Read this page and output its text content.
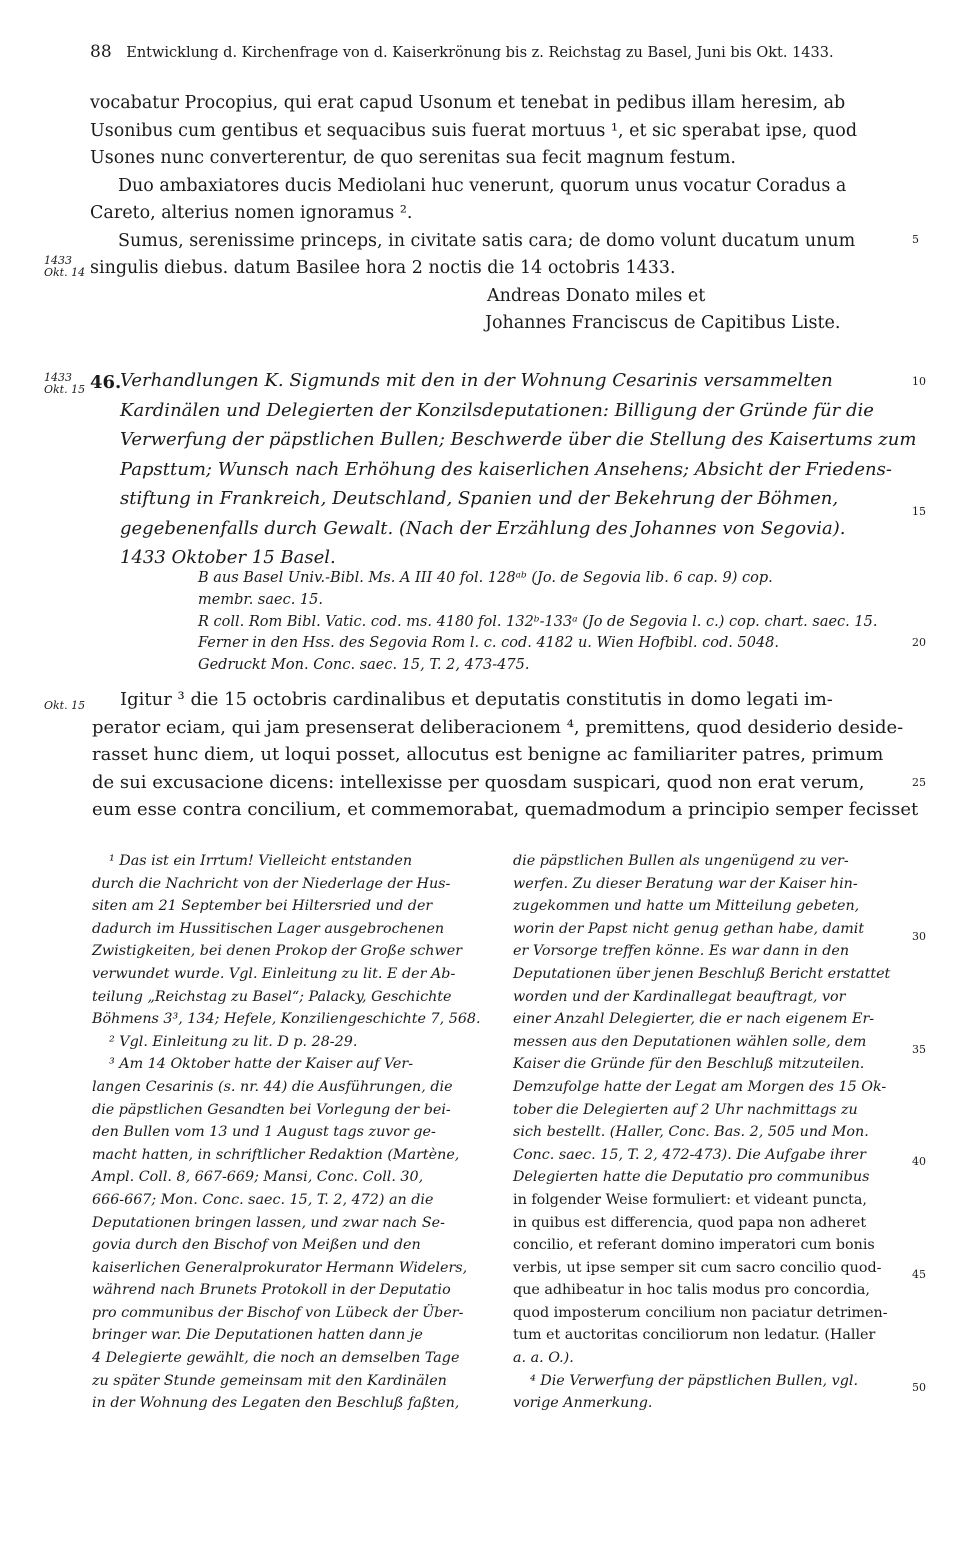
88 Entwicklung d. Kirchenfrage von d. Kaiserkrönung bis z. Reichstag zu Basel, Juni bis Okt. 1433.
vocabatur Procopius, qui erat capud Usonum et tenebat in pedibus illam heresim, ab
Usonibus cum gentibus et sequacibus suis fuerat mortuus ¹, et sic sperabat ipse, quod
Usones nunc converterentur, de quo serenitas sua fecit magnum festum.
Duo ambaxiatores ducis Mediolani huc venerunt, quorum unus vocatur Coradus a
Careto, alterius nomen ignoramus ².
Sumus, serenissime princeps, in civitate satis cara; de domo volunt ducatum unum
singulis diebus. datum Basilee hora 2 noctis die 14 octobris 1433.
Andreas Donato miles et
Johannes Franciscus de Capitibus Liste.
5
1433
Okt. 14
1433
Okt. 15 46.
Verhandlungen K. Sigmunds mit den in der Wohnung Cesarinis versammelten
Kardinälen und Delegierten der Konzilsdeputationen: Billigung der Gründe für die
Verwerfung der päpstlichen Bullen; Beschwerde über die Stellung des Kaisertums zum
Papsttum; Wunsch nach Erhöhung des kaiserlichen Ansehens; Absicht der Friedens-
stiftung in Frankreich, Deutschland, Spanien und der Bekehrung der Böhmen,
gegebenenfalls durch Gewalt. (Nach der Erzählung des Johannes von Segovia).
1433 Oktober 15 Basel.
10
15
B aus Basel Univ.-Bibl. Ms. A III 40 fol. 128ᵃᵇ (Jo. de Segovia lib. 6 cap. 9) cop.
membr. saec. 15.
R coll. Rom Bibl. Vatic. cod. ms. 4180 fol. 132ᵇ-133ᵃ (Jo de Segovia l. c.) cop. chart. saec. 15.
Ferner in den Hss. des Segovia Rom l. c. cod. 4182 u. Wien Hofbibl. cod. 5048.
Gedruckt Mon. Conc. saec. 15, T. 2, 473-475.
20
Okt. 15	Igitur ³ die 15 octobris cardinalibus et deputatis constitutis in domo legati im-
perator eciam, qui jam presenserat deliberacionem ⁴, premittens, quod desiderio deside-
rasset hunc diem, ut loqui posset, allocutus est benigne ac familiariter patres, primum
de sui excusacione dicens: intellexisse per quosdam suspicari, quod non erat verum,
eum esse contra concilium, et commemorabat, quemadmodum a principio semper fecisset
25
¹ Das ist ein Irrtum! Vielleicht entstanden
durch die Nachricht von der Niederlage der Hus-
siten am 21 September bei Hiltersried und der
dadurch im Hussitischen Lager ausgebrochenen
Zwistigkeiten, bei denen Prokop der Große schwer
verwundet wurde. Vgl. Einleitung zu lit. E der Ab-
teilung „Reichstag zu Basel“; Palacky, Geschichte
Böhmens 3³, 134; Hefele, Konziliengeschichte 7, 568.
² Vgl. Einleitung zu lit. D p. 28-29.
³ Am 14 Oktober hatte der Kaiser auf Ver-
langen Cesarinis (s. nr. 44) die Ausführungen, die
die päpstlichen Gesandten bei Vorlegung der bei-
den Bullen vom 13 und 1 August tags zuvor ge-
macht hatten, in schriftlicher Redaktion (Martène,
Ampl. Coll. 8, 667-669; Mansi, Conc. Coll. 30,
666-667; Mon. Conc. saec. 15, T. 2, 472) an die
Deputationen bringen lassen, und zwar nach Se-
govia durch den Bischof von Meißen und den
kaiserlichen Generalprokurator Hermann Widelers,
während nach Brunets Protokoll in der Deputatio
pro communibus der Bischof von Lübeck der Über-
bringer war. Die Deputationen hatten dann je
4 Delegierte gewählt, die noch an demselben Tage
zu später Stunde gemeinsam mit den Kardinälen
in der Wohnung des Legaten den Beschluß faßten,
die päpstlichen Bullen als ungenügend zu ver-
werfen. Zu dieser Beratung war der Kaiser hin-
zugekommen und hatte um Mitteilung gebeten,
worin der Papst nicht genug gethan habe, damit
er Vorsorge treffen könne. Es war dann in den
Deputationen über jenen Beschluß Bericht erstattet
worden und der Kardinallegat beauftragt, vor
einer Anzahl Delegierter, die er nach eigenem Er-
messen aus den Deputationen wählen solle, dem
Kaiser die Gründe für den Beschluß mitzuteilen.
Demzufolge hatte der Legat am Morgen des 15 Ok-
tober die Delegierten auf 2 Uhr nachmittags zu
sich bestellt. (Haller, Conc. Bas. 2, 505 und Mon.
Conc. saec. 15, T. 2, 472-473). Die Aufgabe ihrer
Delegierten hatte die Deputatio pro communibus
in folgender Weise formuliert: et videant puncta,
in quibus est differencia, quod papa non adheret
concilio, et referant domino imperatori cum bonis
verbis, ut ipse semper sit cum sacro concilio quod-
que adhibeatur in hoc talis modus pro concordia,
quod imposterum concilium non paciatur detrimen-
tum et auctoritas conciliorum non ledatur. (Haller
a. a. O.).
⁴ Die Verwerfung der päpstlichen Bullen, vgl.
vorige Anmerkung.
30
35
40
45
50
